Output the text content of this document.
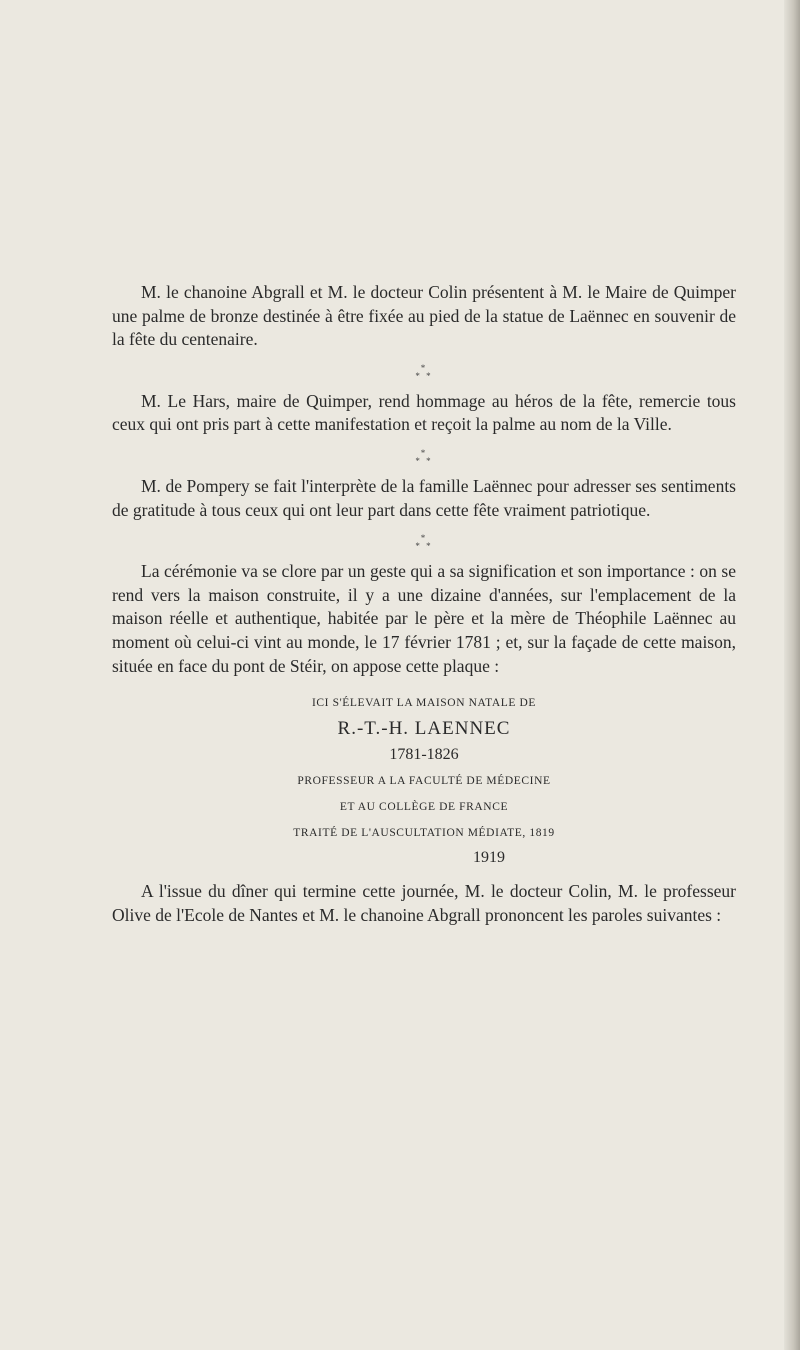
M. le chanoine Abgrall et M. le docteur Colin présentent à M. le Maire de Quimper une palme de bronze destinée à être fixée au pied de la statue de Laënnec en souvenir de la fête du centenaire.

*
* *

M. Le Hars, maire de Quimper, rend hommage au héros de la fête, remercie tous ceux qui ont pris part à cette manifestation et reçoit la palme au nom de la Ville.

*
* *

M. de Pompery se fait l'interprète de la famille Laënnec pour adresser ses sentiments de gratitude à tous ceux qui ont leur part dans cette fête vraiment patriotique.

*
* *

La cérémonie va se clore par un geste qui a sa signification et son importance : on se rend vers la maison construite, il y a une dizaine d'années, sur l'emplacement de la maison réelle et authentique, habitée par le père et la mère de Théophile Laënnec au moment où celui-ci vint au monde, le 17 février 1781 ; et, sur la façade de cette maison, située en face du pont de Stéir, on appose cette plaque :

ICI S'ÉLEVAIT LA MAISON NATALE DE
R.-T.-H. LAENNEC
1781-1826
PROFESSEUR A LA FACULTÉ DE MÉDECINE
ET AU COLLÈGE DE FRANCE
TRAITÉ DE L'AUSCULTATION MÉDIATE, 1819
1919

A l'issue du dîner qui termine cette journée, M. le docteur Colin, M. le professeur Olive de l'Ecole de Nantes et M. le chanoine Abgrall prononcent les paroles suivantes :
